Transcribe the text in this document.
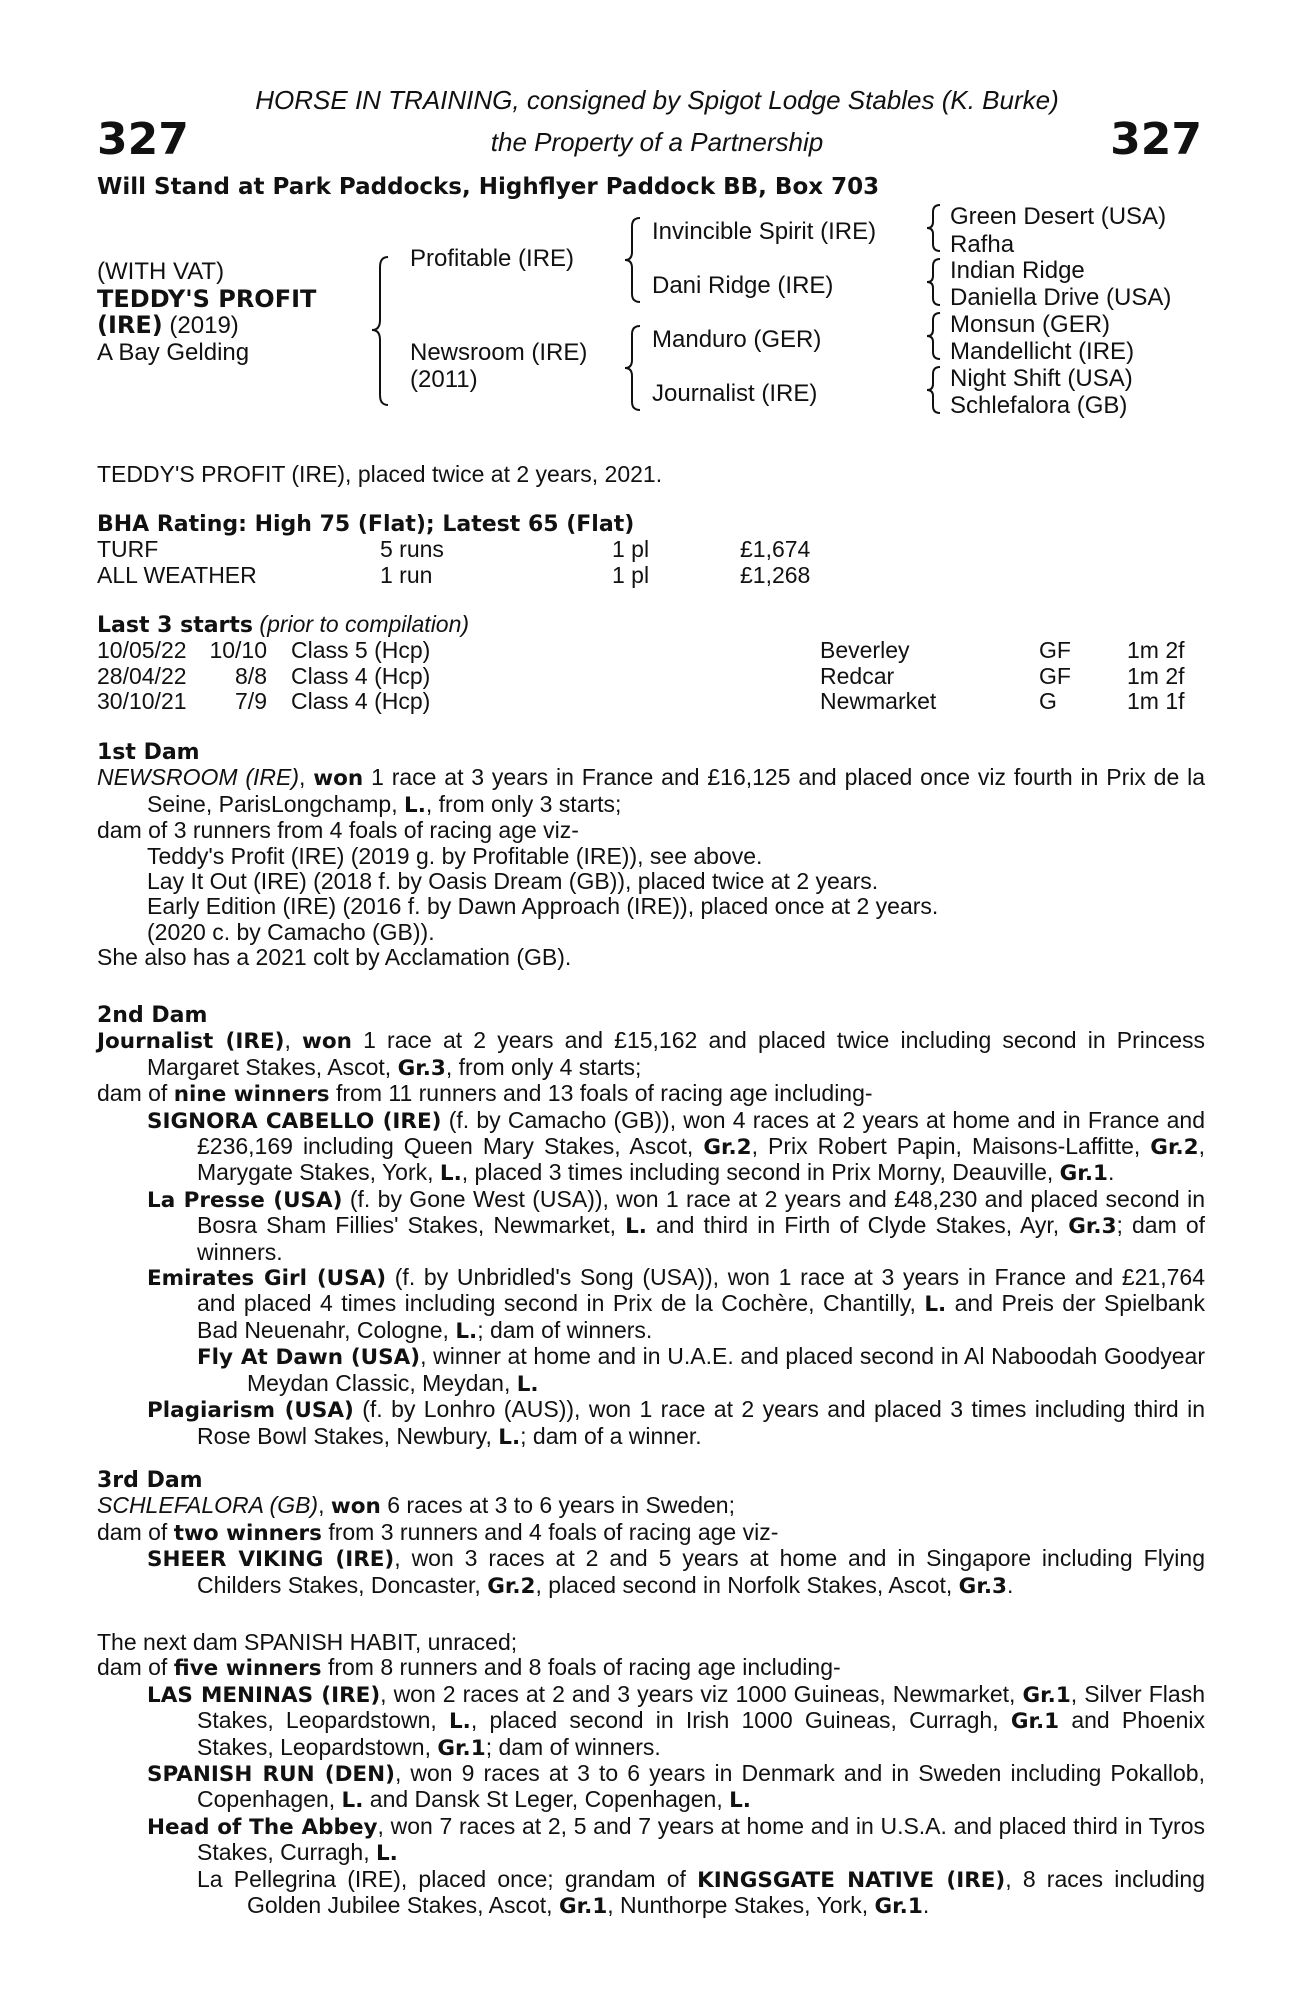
327	327
HORSE IN TRAINING, consigned by Spigot Lodge Stables (K. Burke)
the Property of a Partnership
Will Stand at Park Paddocks, Highflyer Paddock BB, Box 703
(WITH VAT)
TEDDY'S PROFIT
(IRE) (2019)
A Bay Gelding
Profitable (IRE)
Newsroom (IRE)
(2011)
Invincible Spirit (IRE)
Dani Ridge (IRE)
Manduro (GER)
Journalist (IRE)
Green Desert (USA)
Rafha
Indian Ridge
Daniella Drive (USA)
Monsun (GER)
Mandellicht (IRE)
Night Shift (USA)
Schlefalora (GB)
TEDDY'S PROFIT (IRE), placed twice at 2 years, 2021.
BHA Rating: High 75 (Flat); Latest 65 (Flat)
TURF	5 runs	1 pl	£1,674
ALL WEATHER	1 run	1 pl	£1,268
Last 3 starts (prior to compilation)
10/05/22 10/10 Class 5 (Hcp)	Beverley	GF 1m 2f
28/04/22	8/8 Class 4 (Hcp)	Redcar	GF 1m 2f
30/10/21	7/9 Class 4 (Hcp)	Newmarket	G	1m 1f
1st Dam
NEWSROOM (IRE), won 1 race at 3 years in France and £16,125 and placed once viz fourth in Prix de la Seine, ParisLongchamp, L., from only 3 starts;
dam of 3 runners from 4 foals of racing age viz-
Teddy's Profit (IRE) (2019 g. by Profitable (IRE)), see above.
Lay It Out (IRE) (2018 f. by Oasis Dream (GB)), placed twice at 2 years.
Early Edition (IRE) (2016 f. by Dawn Approach (IRE)), placed once at 2 years.
(2020 c. by Camacho (GB)).
She also has a 2021 colt by Acclamation (GB).
2nd Dam
Journalist (IRE), won 1 race at 2 years and £15,162 and placed twice including second in Princess Margaret Stakes, Ascot, Gr.3, from only 4 starts;
dam of nine winners from 11 runners and 13 foals of racing age including-
SIGNORA CABELLO (IRE) (f. by Camacho (GB)), won 4 races at 2 years at home and in France and £236,169 including Queen Mary Stakes, Ascot, Gr.2, Prix Robert Papin, Maisons-Laffitte, Gr.2, Marygate Stakes, York, L., placed 3 times including second in Prix Morny, Deauville, Gr.1.
La Presse (USA) (f. by Gone West (USA)), won 1 race at 2 years and £48,230 and placed second in Bosra Sham Fillies' Stakes, Newmarket, L. and third in Firth of Clyde Stakes, Ayr, Gr.3; dam of winners.
Emirates Girl (USA) (f. by Unbridled's Song (USA)), won 1 race at 3 years in France and £21,764 and placed 4 times including second in Prix de la Cochère, Chantilly, L. and Preis der Spielbank Bad Neuenahr, Cologne, L.; dam of winners.
Fly At Dawn (USA), winner at home and in U.A.E. and placed second in Al Naboodah Goodyear Meydan Classic, Meydan, L.
Plagiarism (USA) (f. by Lonhro (AUS)), won 1 race at 2 years and placed 3 times including third in Rose Bowl Stakes, Newbury, L.; dam of a winner.
3rd Dam
SCHLEFALORA (GB), won 6 races at 3 to 6 years in Sweden;
dam of two winners from 3 runners and 4 foals of racing age viz-
SHEER VIKING (IRE), won 3 races at 2 and 5 years at home and in Singapore including Flying Childers Stakes, Doncaster, Gr.2, placed second in Norfolk Stakes, Ascot, Gr.3.
The next dam SPANISH HABIT, unraced;
dam of five winners from 8 runners and 8 foals of racing age including-
LAS MENINAS (IRE), won 2 races at 2 and 3 years viz 1000 Guineas, Newmarket, Gr.1, Silver Flash Stakes, Leopardstown, L., placed second in Irish 1000 Guineas, Curragh, Gr.1 and Phoenix Stakes, Leopardstown, Gr.1; dam of winners.
SPANISH RUN (DEN), won 9 races at 3 to 6 years in Denmark and in Sweden including Pokallob, Copenhagen, L. and Dansk St Leger, Copenhagen, L.
Head of The Abbey, won 7 races at 2, 5 and 7 years at home and in U.S.A. and placed third in Tyros Stakes, Curragh, L.
La Pellegrina (IRE), placed once; grandam of KINGSGATE NATIVE (IRE), 8 races including Golden Jubilee Stakes, Ascot, Gr.1, Nunthorpe Stakes, York, Gr.1.
